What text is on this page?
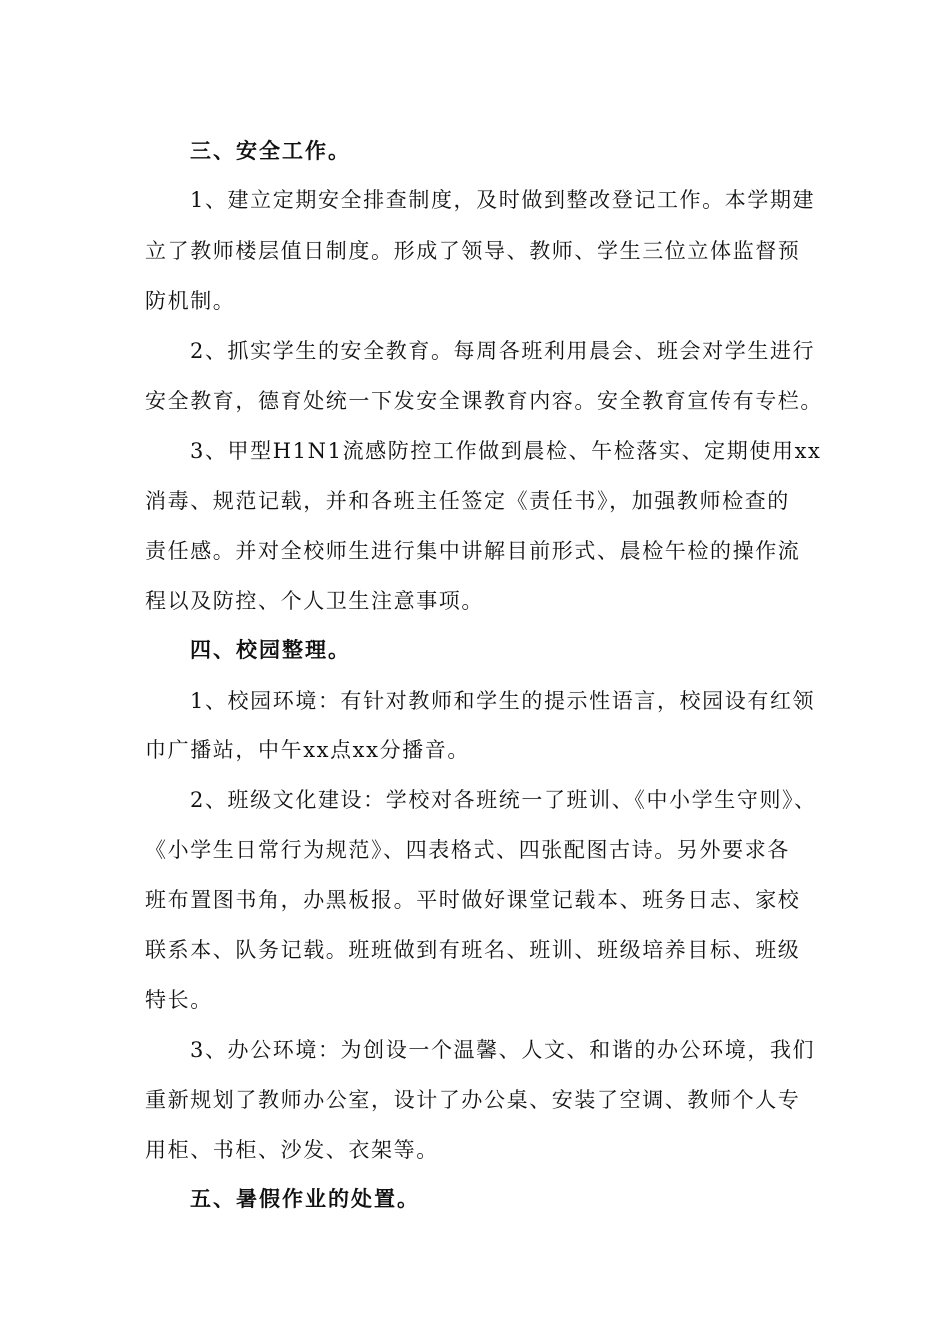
三、安全工作。
1、建立定期安全排查制度，及时做到整改登记工作。本学期建
立了教师楼层值日制度。形成了领导、教师、学生三位立体监督预
防机制。
2、抓实学生的安全教育。每周各班利用晨会、班会对学生进行
安全教育，德育处统一下发安全课教育内容。安全教育宣传有专栏。
3、甲型H1N1流感防控工作做到晨检、午检落实、定期使用xx
消毒、规范记载，并和各班主任签定《责任书》，加强教师检查的
责任感。并对全校师生进行集中讲解目前形式、晨检午检的操作流
程以及防控、个人卫生注意事项。
四、校园整理。
1、校园环境：有针对教师和学生的提示性语言，校园设有红领
巾广播站，中午xx点xx分播音。
2、班级文化建设：学校对各班统一了班训、《中小学生守则》、
《小学生日常行为规范》、四表格式、四张配图古诗。另外要求各
班布置图书角，办黑板报。平时做好课堂记载本、班务日志、家校
联系本、队务记载。班班做到有班名、班训、班级培养目标、班级
特长。
3、办公环境：为创设一个温馨、人文、和谐的办公环境，我们
重新规划了教师办公室，设计了办公桌、安装了空调、教师个人专
用柜、书柜、沙发、衣架等。
五、暑假作业的处置。
